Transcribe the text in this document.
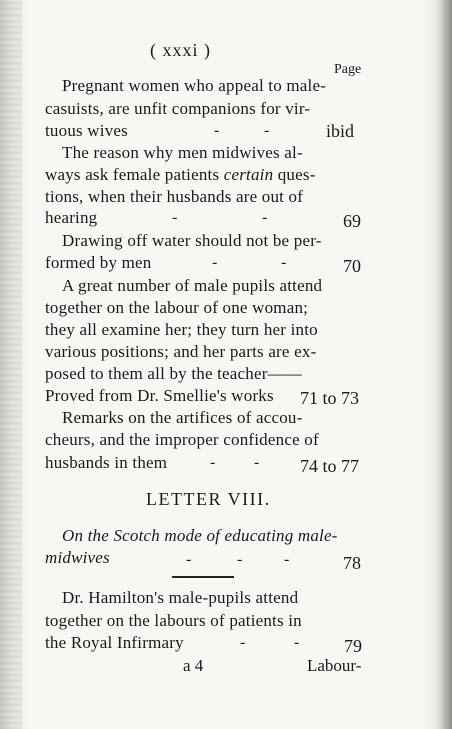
( xxxi )
Page
Pregnant women who appeal to male-
casuists, are unfit companions for vir-
tuous wives	-	-	ibid
The reason why men midwives al-
ways ask female patients certain ques-
tions, when their husbands are out of
hearing	-	-	69
Drawing off water should not be per-
formed by men	-	-	70
A great number of male pupils attend
together on the labour of one woman;
they all examine her; they turn her into
various positions; and her parts are ex-
posed to them all by the teacher——
Proved from Dr. Smellie's works 71 to 73
Remarks on the artifices of accou-
cheurs, and the improper confidence of
husbands in them	- - 74 to 77
LETTER VIII.
On the Scotch mode of educating male-
midwives	-	-	-	78
Dr. Hamilton's male-pupils attend
together on the labours of patients in
the Royal Infirmary	-	- 79
a 4	Labour-
